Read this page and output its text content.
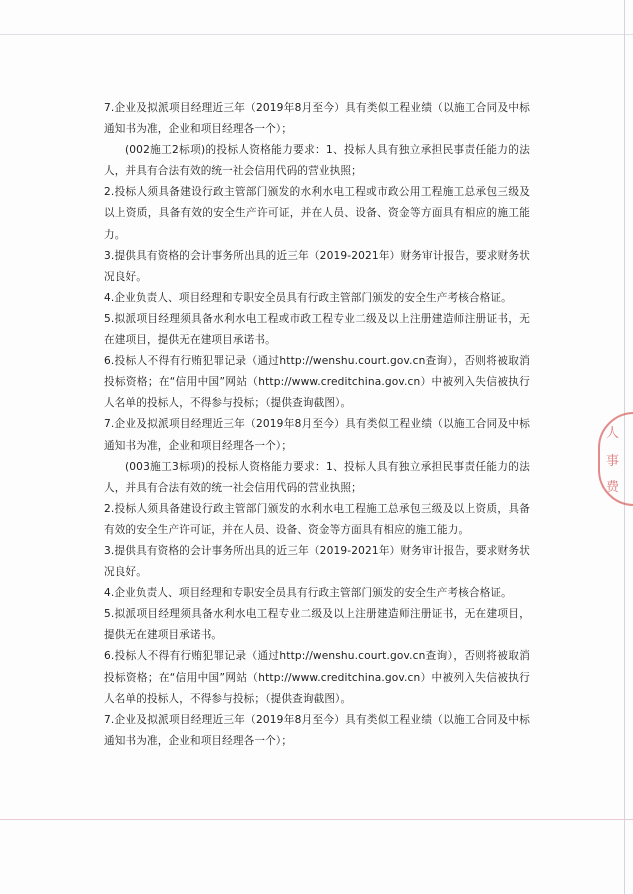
7.企业及拟派项目经理近三年（2019年8月至今）具有类似工程业绩（以施工合同及中标通知书为准，企业和项目经理各一个）；

(002施工2标项)的投标人资格能力要求：1、投标人具有独立承担民事责任能力的法人，并具有合法有效的统一社会信用代码的营业执照；

2.投标人须具备建设行政主管部门颁发的水利水电工程或市政公用工程施工总承包三级及以上资质，具备有效的安全生产许可证，并在人员、设备、资金等方面具有相应的施工能力。

3.提供具有资格的会计事务所出具的近三年（2019-2021年）财务审计报告，要求财务状况良好。

4.企业负责人、项目经理和专职安全员具有行政主管部门颁发的安全生产考核合格证。

5.拟派项目经理须具备水利水电工程或市政工程专业二级及以上注册建造师注册证书，无在建项目，提供无在建项目承诺书。

6.投标人不得有行贿犯罪记录（通过http://wenshu.court.gov.cn查询），否则将被取消投标资格；在“信用中国”网站（http://www.creditchina.gov.cn）中被列入失信被执行人名单的投标人，不得参与投标；（提供查询截图）。

7.企业及拟派项目经理近三年（2019年8月至今）具有类似工程业绩（以施工合同及中标通知书为准，企业和项目经理各一个）；

(003施工3标项)的投标人资格能力要求：1、投标人具有独立承担民事责任能力的法人，并具有合法有效的统一社会信用代码的营业执照；

2.投标人须具备建设行政主管部门颁发的水利水电工程施工总承包三级及以上资质，具备有效的安全生产许可证，并在人员、设备、资金等方面具有相应的施工能力。

3.提供具有资格的会计事务所出具的近三年（2019-2021年）财务审计报告，要求财务状况良好。

4.企业负责人、项目经理和专职安全员具有行政主管部门颁发的安全生产考核合格证。

5.拟派项目经理须具备水利水电工程专业二级及以上注册建造师注册证书，无在建项目，提供无在建项目承诺书。

6.投标人不得有行贿犯罪记录（通过http://wenshu.court.gov.cn查询），否则将被取消投标资格；在“信用中国”网站（http://www.creditchina.gov.cn）中被列入失信被执行人名单的投标人，不得参与投标；（提供查询截图）。

7.企业及拟派项目经理近三年（2019年8月至今）具有类似工程业绩（以施工合同及中标通知书为准，企业和项目经理各一个）；

人
事
费
